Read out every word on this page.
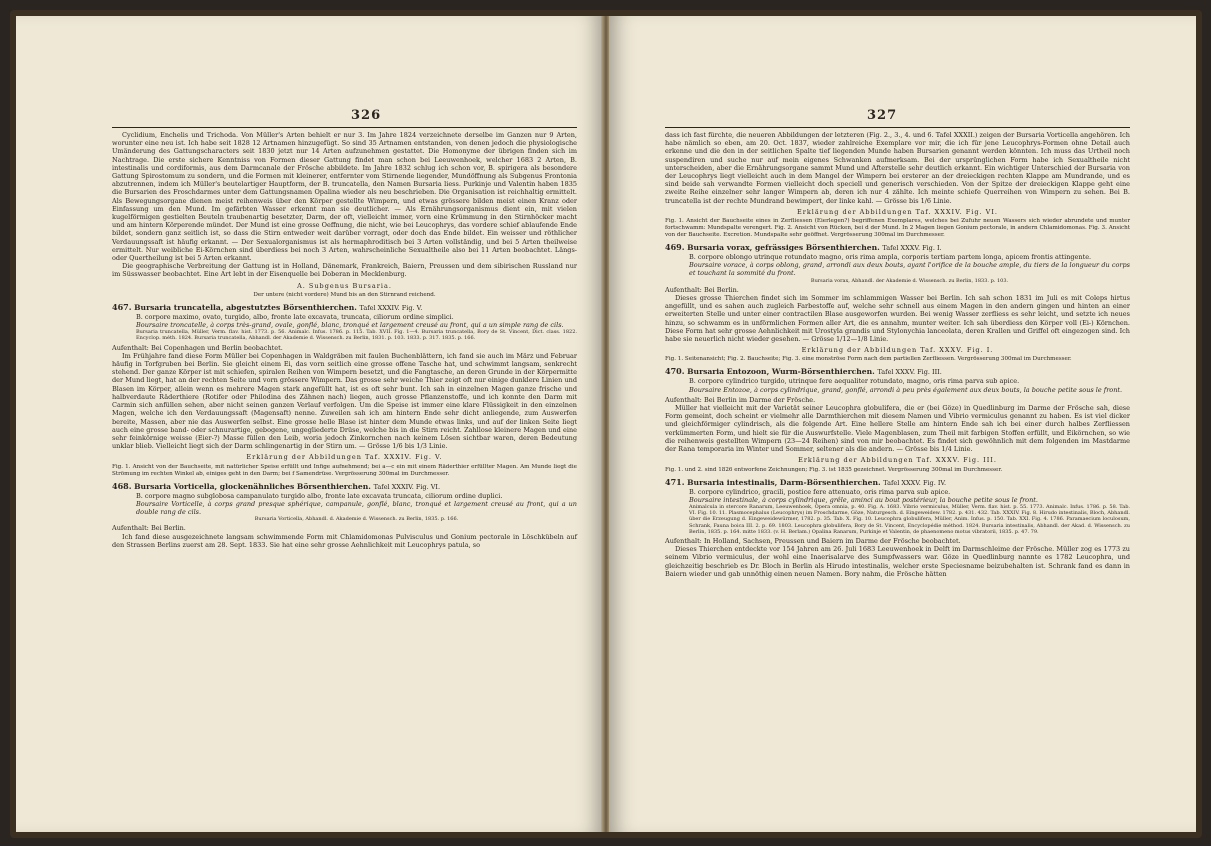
326

Cyclidium, Enchelis und Trichoda. Von Müller's Arten behielt er nur 3. Im Jahre 1824 verzeichnete derselbe im Ganzen nur 9 Arten, worunter eine neu ist. Ich habe seit 1828 12 Artnamen hinzugefügt. So sind 35 Artnamen entstanden, von denen jedoch die physiologische Umänderung des Gattungscharacters seit 1830 jetzt nur 14 Arten aufzunehmen gestattet. Die Homonyme der übrigen finden sich im Nachtrage. Die erste sichere Kenntniss von Formen dieser Gattung findet man schon bei Leeuwenhoek, welcher 1683 2 Arten, B. intestinalis und cordiformis, aus dem Darmcanale der Frösche abbildete. Im Jahre 1832 schlug ich schon vor, B. spirigera als besondere Gattung Spirostomum zu sondern, und die Formen mit kleinerer, entfernter vom Stirnende liegender, Mundöffnung als Subgenus Frontonia abzutrennen, indem ich Müller's beutelartiger Hauptform, der B. truncatella, den Namen Bursaria liess. Purkinje und Valentin haben 1835 die Bursarien des Froschdarmes unter dem Gattungsnamen Opalina wieder als neu beschrieben. Die Organisation ist reichhaltig ermittelt. Als Bewegungsorgane dienen meist reihenweis über den Körper gestellte Wimpern, und etwas grössere bilden meist einen Kranz oder Einfassung um den Mund. Im gefärbten Wasser erkennt man sie deutlicher. — Als Ernährungsorganismus dient ein, mit vielen kugelförmigen gestielten Beuteln traubenartig besetzter, Darm, der oft, vielleicht immer, vorn eine Krümmung in den Stirnhöcker macht und am hintern Körperende mündet. Der Mund ist eine grosse Oeffnung, die nicht, wie bei Leucophrys, das vordere schief ablaufende Ende bildet, sondern ganz seitlich ist, so dass die Stirn entweder weit darüber vorragt, oder doch das Ende bildet. Ein weisser und röthlicher Verdauungssaft ist häufig erkannt. — Der Sexualorganismus ist als hermaphroditisch bei 3 Arten vollständig, und bei 5 Arten theilweise ermittelt. Nur weibliche Ei-Körnchen sind überdiess bei noch 3 Arten, wahrscheinliche Sexualtheile also bei 11 Arten beobachtet. Längs- oder Quertheilung ist bei 5 Arten erkannt.

Die geographische Verbreitung der Gattung ist in Holland, Dänemark, Frankreich, Baiern, Preussen und dem sibirischen Russland nur im Süsswasser beobachtet. Eine Art lebt in der Eisenquelle bei Doberan in Mecklenburg.

A. Subgenus Bursaria.

Der untere (nicht vordere) Mund bis an den Stirnrand reichend.

467. Bursaria truncatella, abgestutztes Börsenthierchen. Tafel XXXIV. Fig. V.

B. corpore maximo, ovato, turgido, albo, fronte late excavata, truncata, ciliorum ordine simplici.

Boursaire troncatelle, à corps très-grand, ovale, gonflé, blanc, tronqué et largement creusé au front, qui a un simple rang de cils.

Bursaria truncatella, Müller, Verm. flav. hist. 1773. p. 56. Animalc. Infus. 1786. p. 115. Tab. XVII. Fig. 1—4. Bursaria truncatella, Bory de St. Vincent, Dict. class. 1822. Encyclop. méth. 1824. Bursaria truncatella, Abhandl. der Akademie d. Wissensch. zu Berlin, 1831. p. 103. 1833. p. 317. 1835. p. 166.

Aufenthalt: Bei Copenhagen und Berlin beobachtet.

Im Frühjahre fand diese Form Müller bei Copenhagen in Waldgräben mit faulen Buchenblättern, ich fand sie auch im März und Februar häufig in Torfgruben bei Berlin. Sie gleicht einem Ei, das vorn seitlich eine grosse offene Tasche hat, und schwimmt langsam, senkrecht stehend. Der ganze Körper ist mit schiefen, spiralen Reihen von Wimpern besetzt, und die Fangtasche, an deren Grunde in der Körpermitte der Mund liegt, hat an der rechten Seite und vorn grössere Wimpern. Das grosse sehr weiche Thier zeigt oft nur einige dunklere Linien und Blasen im Körper, allein wenn es mehrere Magen stark angefüllt hat, ist es oft sehr bunt. Ich sah in einzelnen Magen ganze frische und halbverdaute Räderthiere (Rotifer oder Philodina des Zähnen nach) liegen, auch grosse Pflanzenstoffe, und ich konnte den Darm mit Carmin sich anfüllen sehen, aber nicht seinen ganzen Verlauf verfolgen. Um die Speise ist immer eine klare Flüssigkeit in den einzelnen Magen, welche ich den Verdauungssaft (Magensaft) nenne. Zuweilen sah ich am hintern Ende sehr dicht anliegende, zum Auswerfen bereite, Massen, aber nie das Auswerfen selbst. Eine grosse helle Blase ist hinter dem Munde etwas links, und auf der linken Seite liegt auch eine grosse band- oder schnurartige, gebogene, ungegliederte Drüse, welche bis in die Stirn reicht. Zahllose kleinere Magen und eine sehr feinkörnige weisse (Eier-?) Masse füllen den Leib, woria jedoch Zinkornchen nach keinem Lösen sichtbar waren, deren Bedeutung unklar blieb. Vielleicht liegt sich der Darm schlingenartig in der Stirn um. — Grösse 1/6 bis 1/3 Linie.

Erklärung der Abbildungen Taf. XXXIV. Fig. V.

Fig. 1. Ansicht von der Bauchseite, mit natürlicher Speise erfüllt und Infige aufnehmend; bei a—c ein mit einem Räderthier erfüllter Magen. Am Munde liegt die Strömung im rechten Winkel ab, einiges geht in den Darm; bei f Samendrüse. Vergrösserung 300mal im Durchmesser.

468. Bursaria Vorticella, glockenähnliches Börsenthierchen. Tafel XXXIV. Fig. VI.

B. corpore magno subglobosa campanulato turgido albo, fronte late excavata truncata, ciliorum ordine duplici.

Boursaire Vorticelle, à corps grand presque sphérique, campanule, gonflé, blanc, tronqué et largement creusé au front, qui a un double rang de cils.

Bursaria Vorticella, Abhandl. d. Akademie d. Wissensch. zu Berlin, 1835. p. 166.

Aufenthalt: Bei Berlin.

Ich fand diese ausgezeichnete langsam schwimmende Form mit Chlamidomonas Pulvisculus und Gonium pectorale in Löschkübeln auf den Strassen Berlins zuerst am 28. Sept. 1833. Sie hat eine sehr grosse Aehnlichkeit mit Leucophrys patula, so

327

dass ich fast fürchte, die neueren Abbildungen der letzteren (Fig. 2., 3., 4. und 6. Tafel XXXII.) zeigen der Bursaria Vorticella angehören. Ich habe nämlich so eben, am 20. Oct. 1837, wieder zahlreiche Exemplare vor mir, die ich für jene Leucophrys-Formen ohne Detail auch erkenne und die den in der seitlichen Spalte tief liegenden Munde haben Bursarien genannt werden könnten. Ich muss das Urtheil noch suspendiren und suche nur auf mein eigenes Schwanken aufmerksam. Bei der ursprünglichen Form habe ich Sexualtheile nicht unterscheiden, aber die Ernährungsorgane sammt Mund und Afterstelle sehr deutlich erkannt. Ein wichtiger Unterschied der Bursaria von der Leucophrys liegt vielleicht auch in dem Mangel der Wimpern bei ersterer an der dreieckigen rechten Klappe am Mundrande, und es sind beide sah verwandte Formen vielleicht doch speciell und generisch verschieden. Von der Spitze der dreieckigen Klappe geht eine zweite Reihe einzelner sehr langer Wimpern ab, deren ich nur 4 zählte. Ich meinte schiefe Querreihen von Wimpern zu sehen. Bei B. truncatella ist der rechte Mundrand bewimpert, der linke kahl. — Grösse bis 1/6 Linie.

Erklärung der Abbildungen Taf. XXXIV. Fig. VI.

Fig. 1. Ansicht der Bauchseite eines in Zerfliessen (Eierlegen?) begriffenen Exemplares, welches bei Zufuhr neuen Wassers sich wieder abrundete und munter fortschwamm: Mundspalte verengert. Fig. 2. Ansicht von Rücken, bei d der Mund. In 2 Magen liegen Gonium pectorale, in andern Chlamidomonas. Fig. 3. Ansicht von der Bauchseite. Excretion. Mundspalte sehr geöffnet. Vergrösserung 300mal im Durchmesser.

469. Bursaria vorax, gefrässiges Börsenthierchen. Tafel XXXV. Fig. I.

B. corpore oblongo utrinque rotundato magno, oris rima ampla, corporis tertiam partem longa, apicem frontis attingente.

Boursaire vorace, à corps oblong, grand, arrondi aux deux bouts, ayant l'orifice de la bouche ample, du tiers de la longueur du corps et touchant la sommité du front.

Bursaria vorax, Abhandl. der Akademie d. Wissensch. zu Berlin, 1833. p. 103.

Aufenthalt: Bei Berlin.

Dieses grosse Thierchen findet sich im Sommer im schlammigen Wasser bei Berlin. Ich sah schon 1831 im Juli es mit Coleps hirtus angefüllt, und es sahen auch zugleich Farbestoffe auf, welche sehr schnell aus einem Magen in den andern gingen und hinten an einer erweiterten Stelle und unter einer contractilen Blase ausgeworfen wurden. Bei wenig Wasser zerfliess es sehr leicht, und setzte ich neues hinzu, so schwamm es in unförmlichen Formen aller Art, die es annahm, munter weiter. Ich sah überdiess den Körper voll (Ei-) Körnchen. Diese Form hat sehr grosse Aehnlichkeit mit Urostyla grandis und Stylonychia lanceolata, deren Krallen und Griffel oft eingezogen sind. Ich habe sie neuerlich nicht wieder gesehen. — Grösse 1/12—1/8 Linie.

Erklärung der Abbildungen Taf. XXXV. Fig. I.

Fig. 1. Seitenansicht; Fig. 2. Bauchseite; Fig. 3. eine monströse Form nach dem partiellen Zerfliessen. Vergrösserung 300mal im Durchmesser.

470. Bursaria Entozoon, Wurm-Börsenthierchen. Tafel XXXV. Fig. III.

B. corpore cylindrico turgido, utrinque fere aequaliter rotundato, magno, oris rima parva sub apice.

Boursaire Entozoe, à corps cylindrique, grand, gonflé, arrondi à peu près également aux deux bouts, la bouche petite sous le front.

Aufenthalt: Bei Berlin im Darme der Frösche.

Müller hat vielleicht mit der Varietät seiner Leucophra globulifera, die er (bei Göze) in Quedlinburg im Darme der Frösche sah, diese Form gemeint, doch scheint er vielmehr alle Darmthierchen mit diesem Namen und Vibrio vermiculus genannt zu haben. Es ist viel dicker und gleichförmiger cylindrisch, als die folgende Art. Eine hellere Stelle am hintern Ende sah ich bei einer durch halbes Zerfliessen verkümmerten Form, und hielt sie für die Auswurfstelle. Viele Magenblasen, zum Theil mit farbigen Stoffen erfüllt, und Eikörnchen, so wie die reihenweis gestellten Wimpern (23—24 Reihen) sind von mir beobachtet. Es findet sich gewöhnlich mit dem folgenden im Mastdarme der Rana temporaria im Winter und Sommer, seltener als die andern. — Grösse bis 1/4 Linie.

Erklärung der Abbildungen Taf. XXXV. Fig. III.

Fig. 1. und 2. sind 1826 entworfene Zeichnungen; Fig. 3. ist 1835 gezeichnet. Vergrösserung 300mal im Durchmesser.

471. Bursaria intestinalis, Darm-Börsenthierchen. Tafel XXXV. Fig. IV.

B. corpore cylindrico, gracili, postice fere attenuato, oris rima parva sub apice.

Boursaire intestinale, à corps cylindrique, grêle, aminci au bout postérieur, la bouche petite sous le front.

Animalcula in stercore Ranarum, Leeuwenhoek, Opera omnia, p. 40. Fig. A. 1683. Vibrio vermiculus, Müller, Verm. flav. hist. p. 55. 1773. Animalc. Infus. 1786. p. 58. Tab. VI. Fig. 10. 11. Plasmocephalus (Leucophrys) im Froschdarme, Göze, Naturgesch. d. Eingeweidew. 1782. p. 431. 432. Tab. XXXIV. Fig. 8. Hirudo intestinalis, Bloch, Abhandl. über die Erzeugung d. Eingeweidewürmer, 1782. p. 35. Tab. X. Fig. 10. Leucophra globulifera, Müller, Anim. Infus. p. 150. Tab. XXI. Fig. 4. 1786. Paramaecium loculosum, Schrank, Fauna boica III. 2. p. 69. 1803. Leucophra globulifera, Bory de St. Vincent, Encyclopédie méthod. 1824. Bursaria intestinalis, Abhandl. der Akad. d. Wissensch. zu Berlin, 1835. p. 164. mitte 1833. (v. H. Berlam.) Opalina Ranarum, Purkinje et Valentin, de phaenomeno motus vibratorii, 1835. p. 47. 79.

Aufenthalt: In Holland, Sachsen, Preussen und Baiern im Darme der Frösche beobachtet.

Dieses Thierchen entdeckte vor 154 Jahren am 26. Juli 1683 Leeuwenhoek in Delft im Darmschleime der Frösche. Müller zog es 1773 zu seinem Vibrio vermiculus, der wohl eine Inaerisalarve des Sumpfwassers war. Göze in Quedlinburg nannte es 1782 Leucophra, und gleichzeitig beschrieb es Dr. Bloch in Berlin als Hirudo intestinalis, welcher erste Speciesname beizubehalten ist. Schrank fand es dann in Baiern wieder und gab unnöthig einen neuen Namen. Bory nahm, die Frösche hätten
